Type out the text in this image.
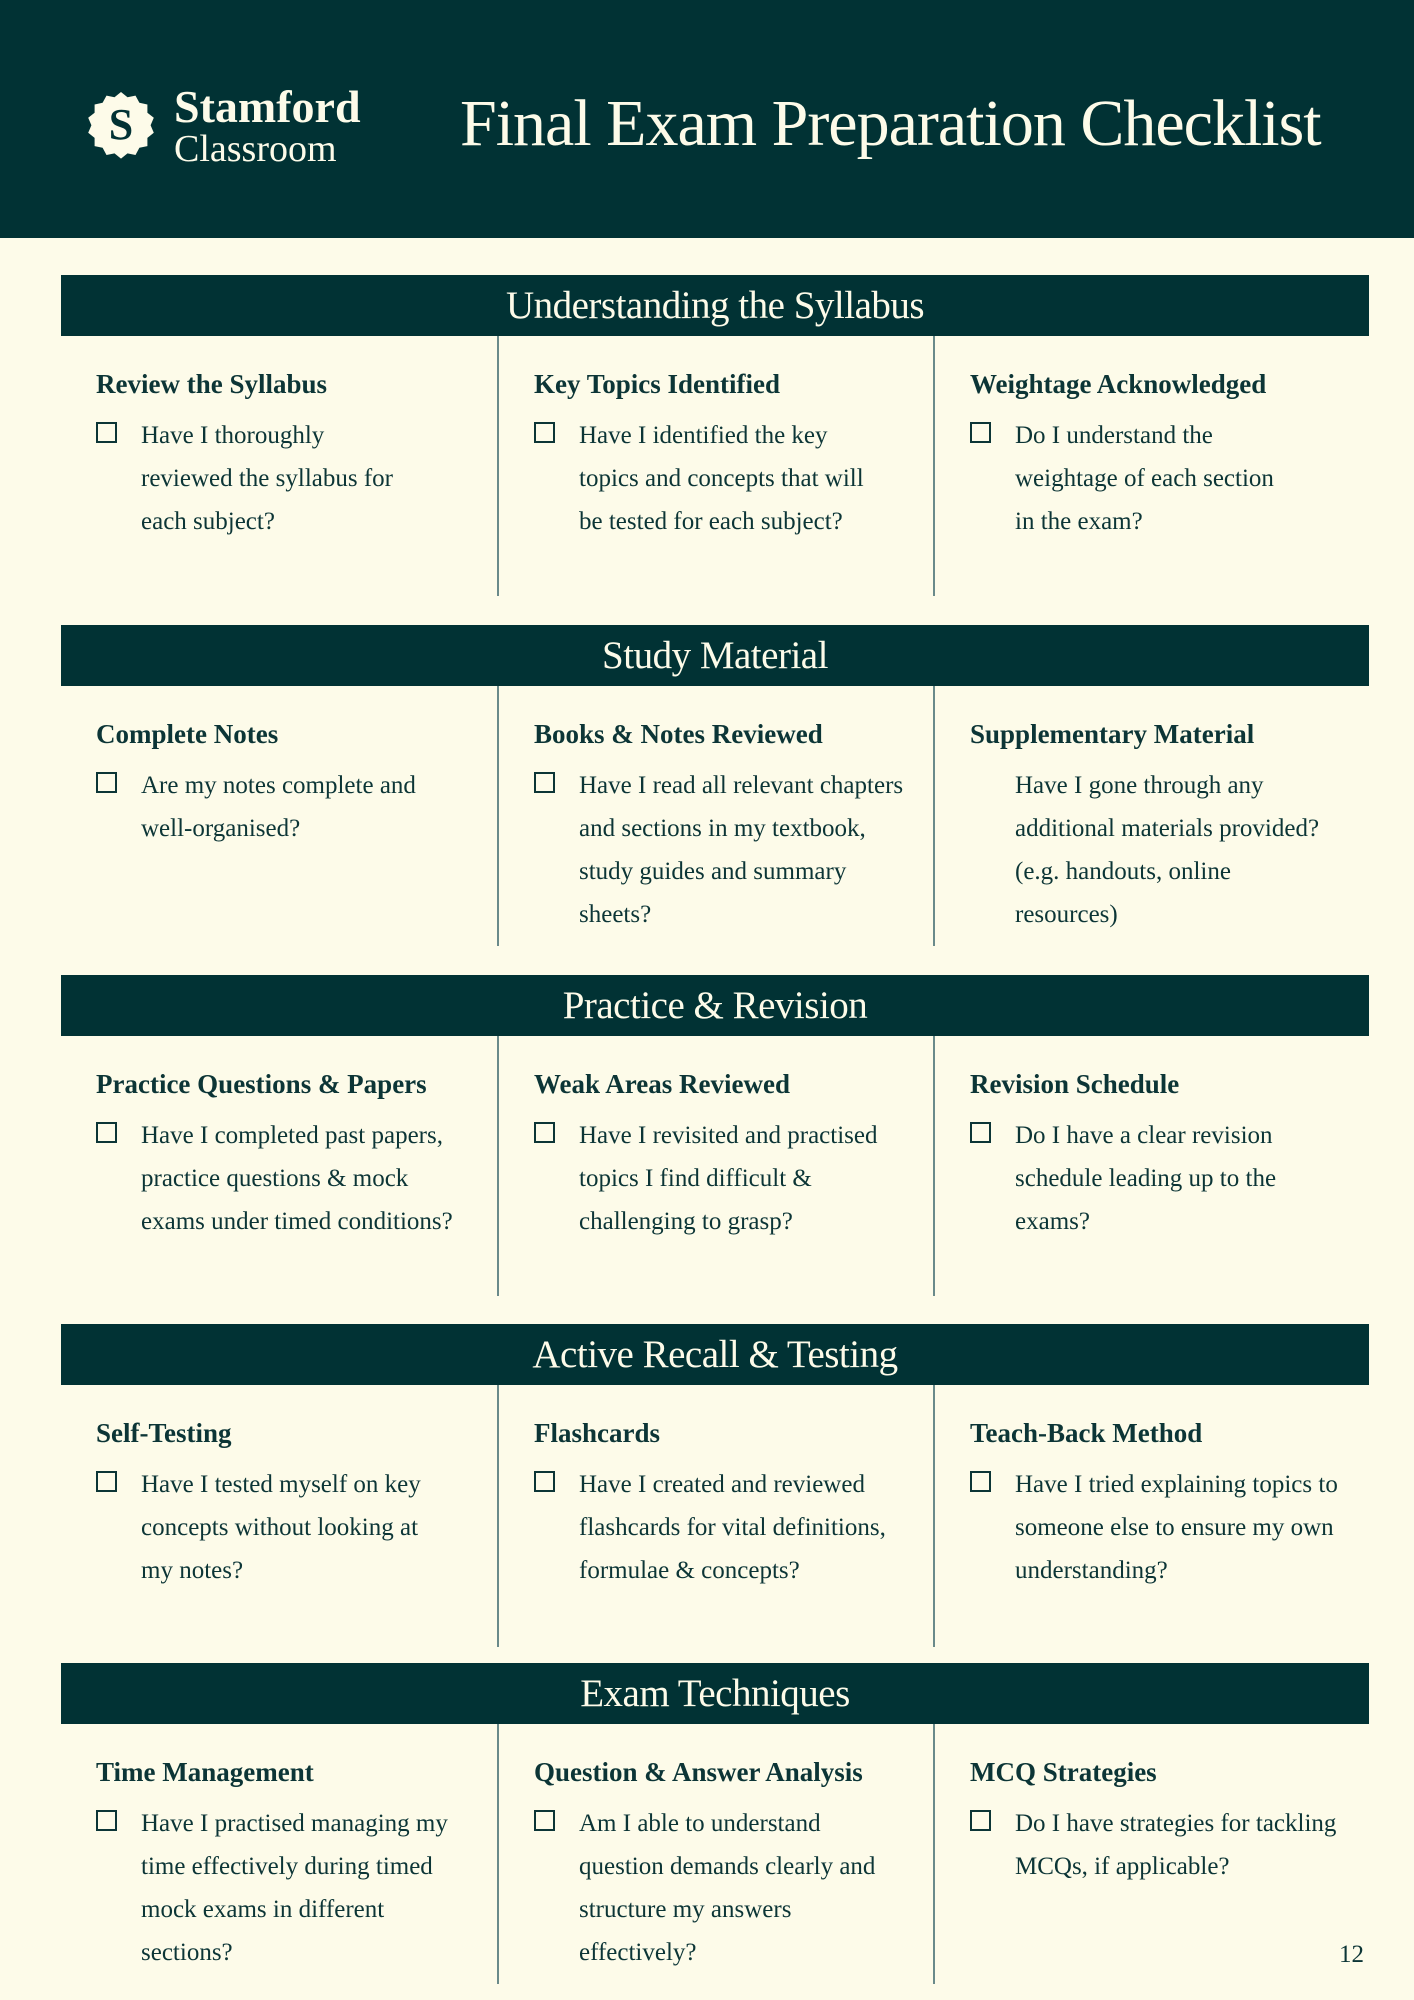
S Stamford
Classroom Final Exam Preparation Checklist
Understanding the Syllabus
Review the Syllabus
Have I thoroughly reviewed the syllabus for each subject?
Key Topics Identified
Have I identified the key topics and concepts that will be tested for each subject?
Weightage Acknowledged
Do I understand the weightage of each section in the exam?
Study Material
Complete Notes
Are my notes complete and well-organised?
Books & Notes Reviewed
Have I read all relevant chapters and sections in my textbook, study guides and summary sheets?
Supplementary Material
Have I gone through any additional materials provided? (e.g. handouts, online resources)
Practice & Revision
Practice Questions & Papers
Have I completed past papers, practice questions & mock exams under timed conditions?
Weak Areas Reviewed
Have I revisited and practised topics I find difficult & challenging to grasp?
Revision Schedule
Do I have a clear revision schedule leading up to the exams?
Active Recall & Testing
Self-Testing
Have I tested myself on key concepts without looking at my notes?
Flashcards
Have I created and reviewed flashcards for vital definitions, formulae & concepts?
Teach-Back Method
Have I tried explaining topics to someone else to ensure my own understanding?
Exam Techniques
Time Management
Have I practised managing my time effectively during timed mock exams in different sections?
Question & Answer Analysis
Am I able to understand question demands clearly and structure my answers effectively?
MCQ Strategies
Do I have strategies for tackling MCQs, if applicable?
12
